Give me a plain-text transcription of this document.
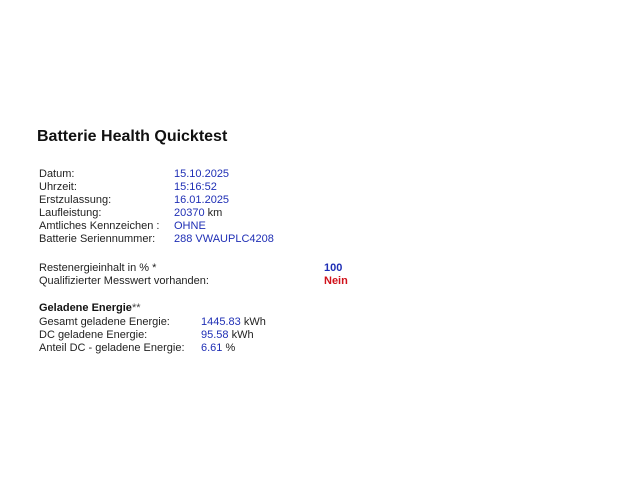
Batterie Health Quicktest
Datum:	15.10.2025
Uhrzeit:	15:16:52
Erstzulassung:	16.01.2025
Laufleistung:	20370 km
Amtliches Kennzeichen : OHNE
Batterie Seriennummer: 288 VWAUPLC4208
Restenergieinhalt in % *	100
Qualifizierter Messwert vorhanden:	Nein
Geladene Energie**
Gesamt geladene Energie:	1445.83 kWh
DC geladene Energie:	95.58 kWh
Anteil DC - geladene Energie: 6.61 %
